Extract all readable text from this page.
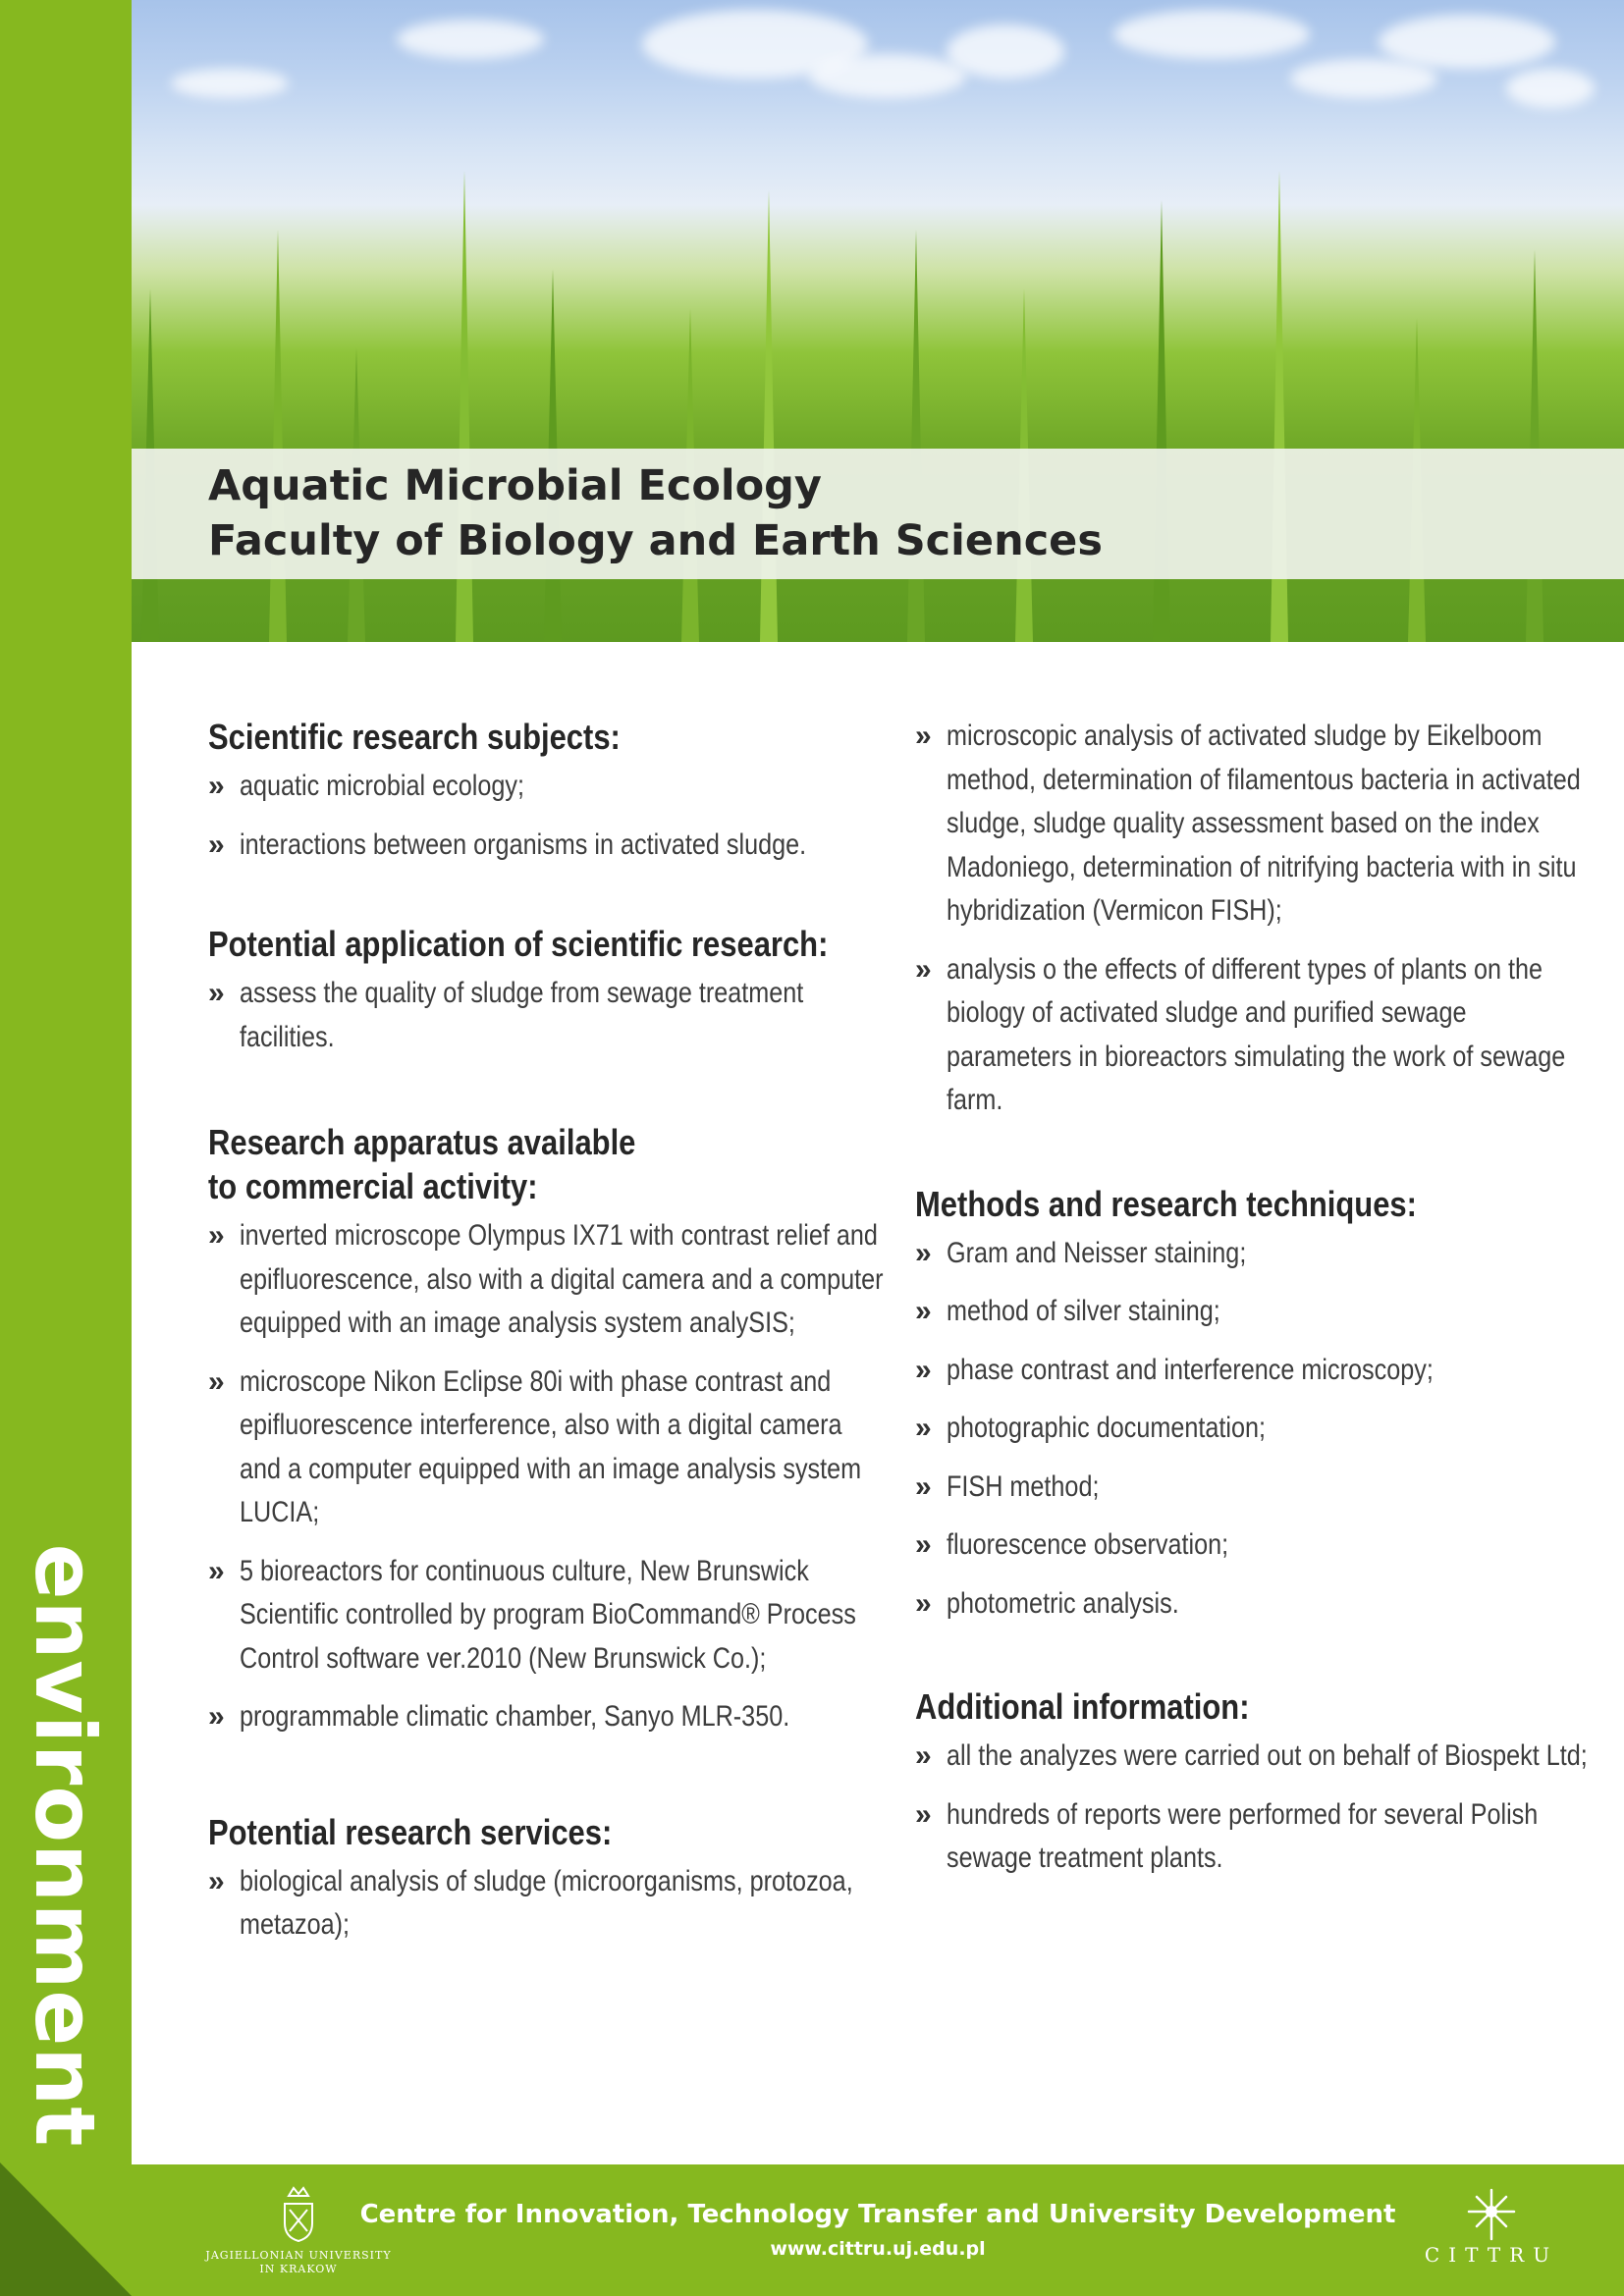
environment
Aquatic Microbial Ecology
Faculty of Biology and Earth Sciences
Scientific research subjects:
» aquatic microbial ecology;
» interactions between organisms in activated sludge.
Potential application of scientific research:
» assess the quality of sludge from sewage treatment facilities.
Research apparatus available
to commercial activity:
» inverted microscope Olympus IX71 with contrast relief and epifluorescence, also with a digital camera and a computer equipped with an image analysis system analySIS;
» microscope Nikon Eclipse 80i with phase contrast and epifluorescence interference, also with a digital camera and a computer equipped with an image analysis system LUCIA;
» 5 bioreactors for continuous culture, New Brunswick Scientific controlled by program BioCommand® Process Control software ver.2010 (New Brunswick Co.);
» programmable climatic chamber, Sanyo MLR-350.
Potential research services:
» biological analysis of sludge (microorganisms, protozoa, metazoa);
» microscopic analysis of activated sludge by Eikelboom method, determination of filamentous bacteria in activated sludge, sludge quality assessment based on the index Madoniego, determination of nitrifying bacteria with in situ hybridization (Vermicon FISH);
» analysis o the effects of different types of plants on the biology of activated sludge and purified sewage parameters in bioreactors simulating the work of sewage farm.
Methods and research techniques:
» Gram and Neisser staining;
» method of silver staining;
» phase contrast and interference microscopy;
» photographic documentation;
» FISH method;
» fluorescence observation;
» photometric analysis.
Additional information:
» all the analyzes were carried out on behalf of Biospekt Ltd;
» hundreds of reports were performed for several Polish sewage treatment plants.
JAGIELLONIAN UNIVERSITY
IN KRAKOW
Centre for Innovation, Technology Transfer and University Development
www.cittru.uj.edu.pl	CITTRU
